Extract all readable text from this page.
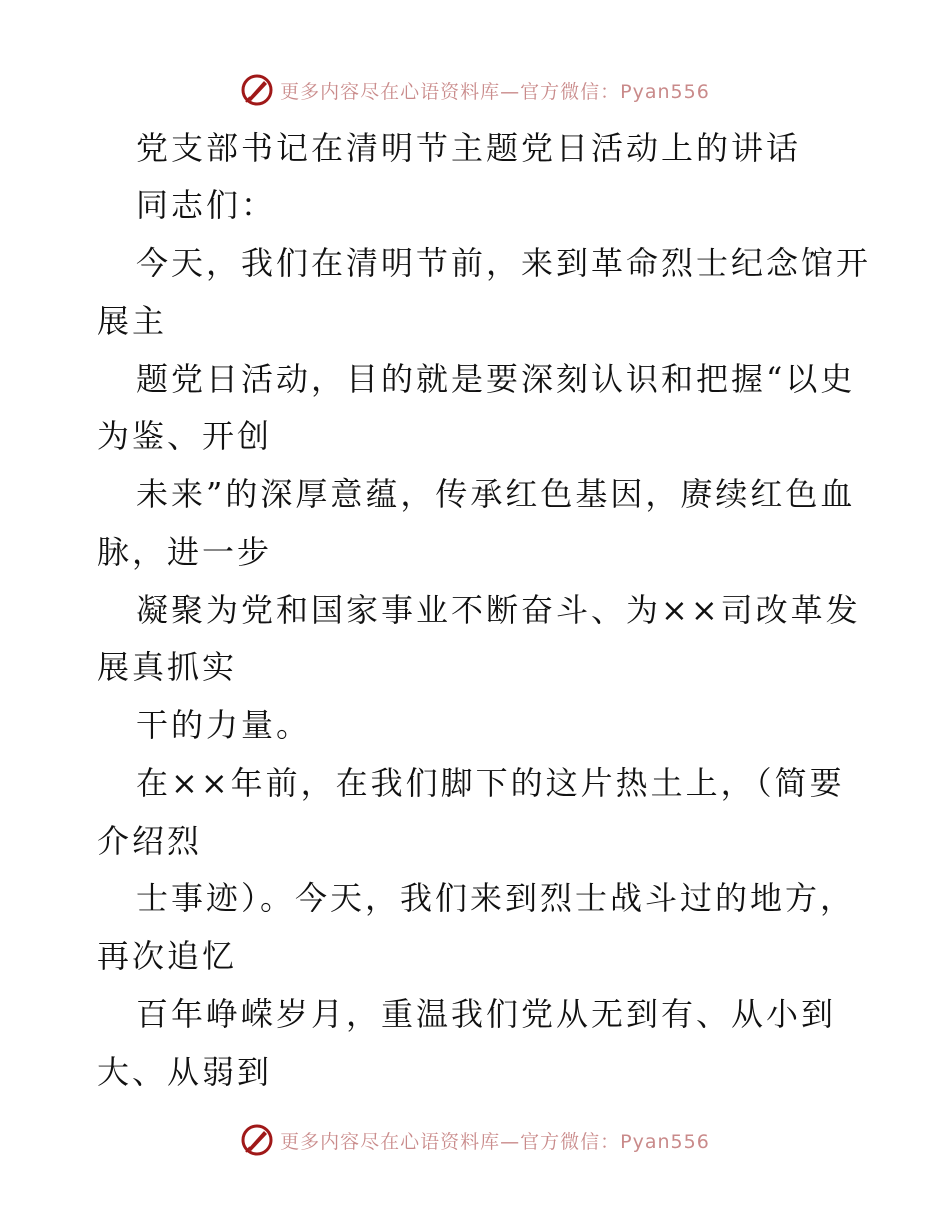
更多内容尽在心语资料库—官方微信：Pyan556
党支部书记在清明节主题党日活动上的讲话
同志们：
今天，我们在清明节前，来到革命烈士纪念馆开
展主
题党日活动，目的就是要深刻认识和把握“以史
为鉴、开创
未来”的深厚意蕴，传承红色基因，赓续红色血
脉，进一步
凝聚为党和国家事业不断奋斗、为××司改革发
展真抓实
干的力量。
在××年前，在我们脚下的这片热土上，（简要
介绍烈
士事迹）。今天，我们来到烈士战斗过的地方，
再次追忆
百年峥嵘岁月，重温我们党从无到有、从小到
大、从弱到
更多内容尽在心语资料库—官方微信：Pyan556
